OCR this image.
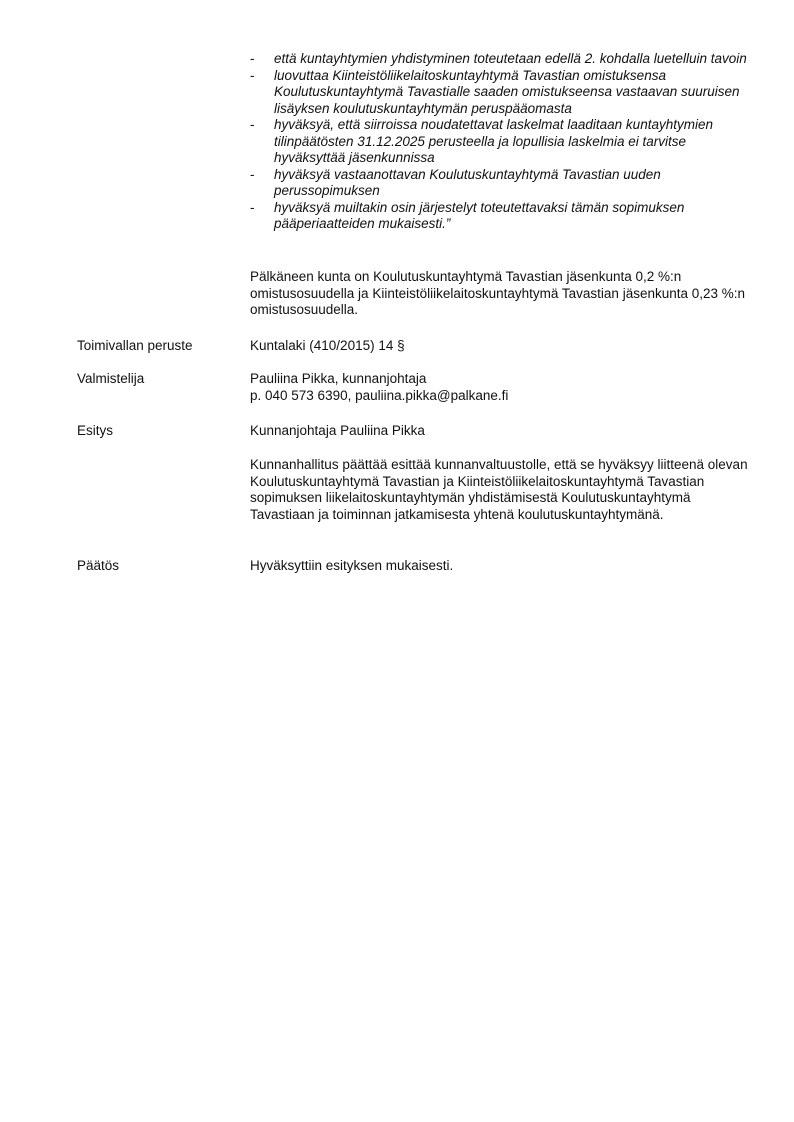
- että kuntayhtymien yhdistyminen toteutetaan edellä 2. kohdalla luetelluin tavoin
- luovuttaa Kiinteistöliikelaitoskuntayhtymä Tavastian omistuksensa Koulutuskuntayhtymä Tavastialle saaden omistukseensa vastaavan suuruisen lisäyksen koulutuskuntayhtymän peruspääomasta
- hyväksyä, että siirroissa noudatettavat laskelmat laaditaan kuntayhtymien tilinpäätösten 31.12.2025 perusteella ja lopullisia laskelmia ei tarvitse hyväksyttää jäsenkunnissa
- hyväksyä vastaanottavan Koulutuskuntayhtymä Tavastian uuden perussopimuksen
- hyväksyä muiltakin osin järjestelyt toteutettavaksi tämän sopimuksen pääperiaatteiden mukaisesti.”

Pälkäneen kunta on Koulutuskuntayhtymä Tavastian jäsenkunta 0,2 %:n omistusosuudella ja Kiinteistöliikelaitoskuntayhtymä Tavastian jäsenkunta 0,23 %:n omistusosuudella.

Toimivallan peruste	Kuntalaki (410/2015) 14 §

Valmistelija	Pauliina Pikka, kunnanjohtaja
p. 040 573 6390, pauliina.pikka@palkane.fi

Esitys	Kunnanjohtaja Pauliina Pikka

Kunnanhallitus päättää esittää kunnanvaltuustolle, että se hyväksyy liitteenä olevan Koulutuskuntayhtymä Tavastian ja Kiinteistöliikelaitoskuntayhtymä Tavastian sopimuksen liikelaitoskuntayhtymän yhdistämisestä Koulutuskuntayhtymä Tavastiaan ja toiminnan jatkamisesta yhtenä koulutuskuntayhtymänä.

Päätös	Hyväksyttiin esityksen mukaisesti.
